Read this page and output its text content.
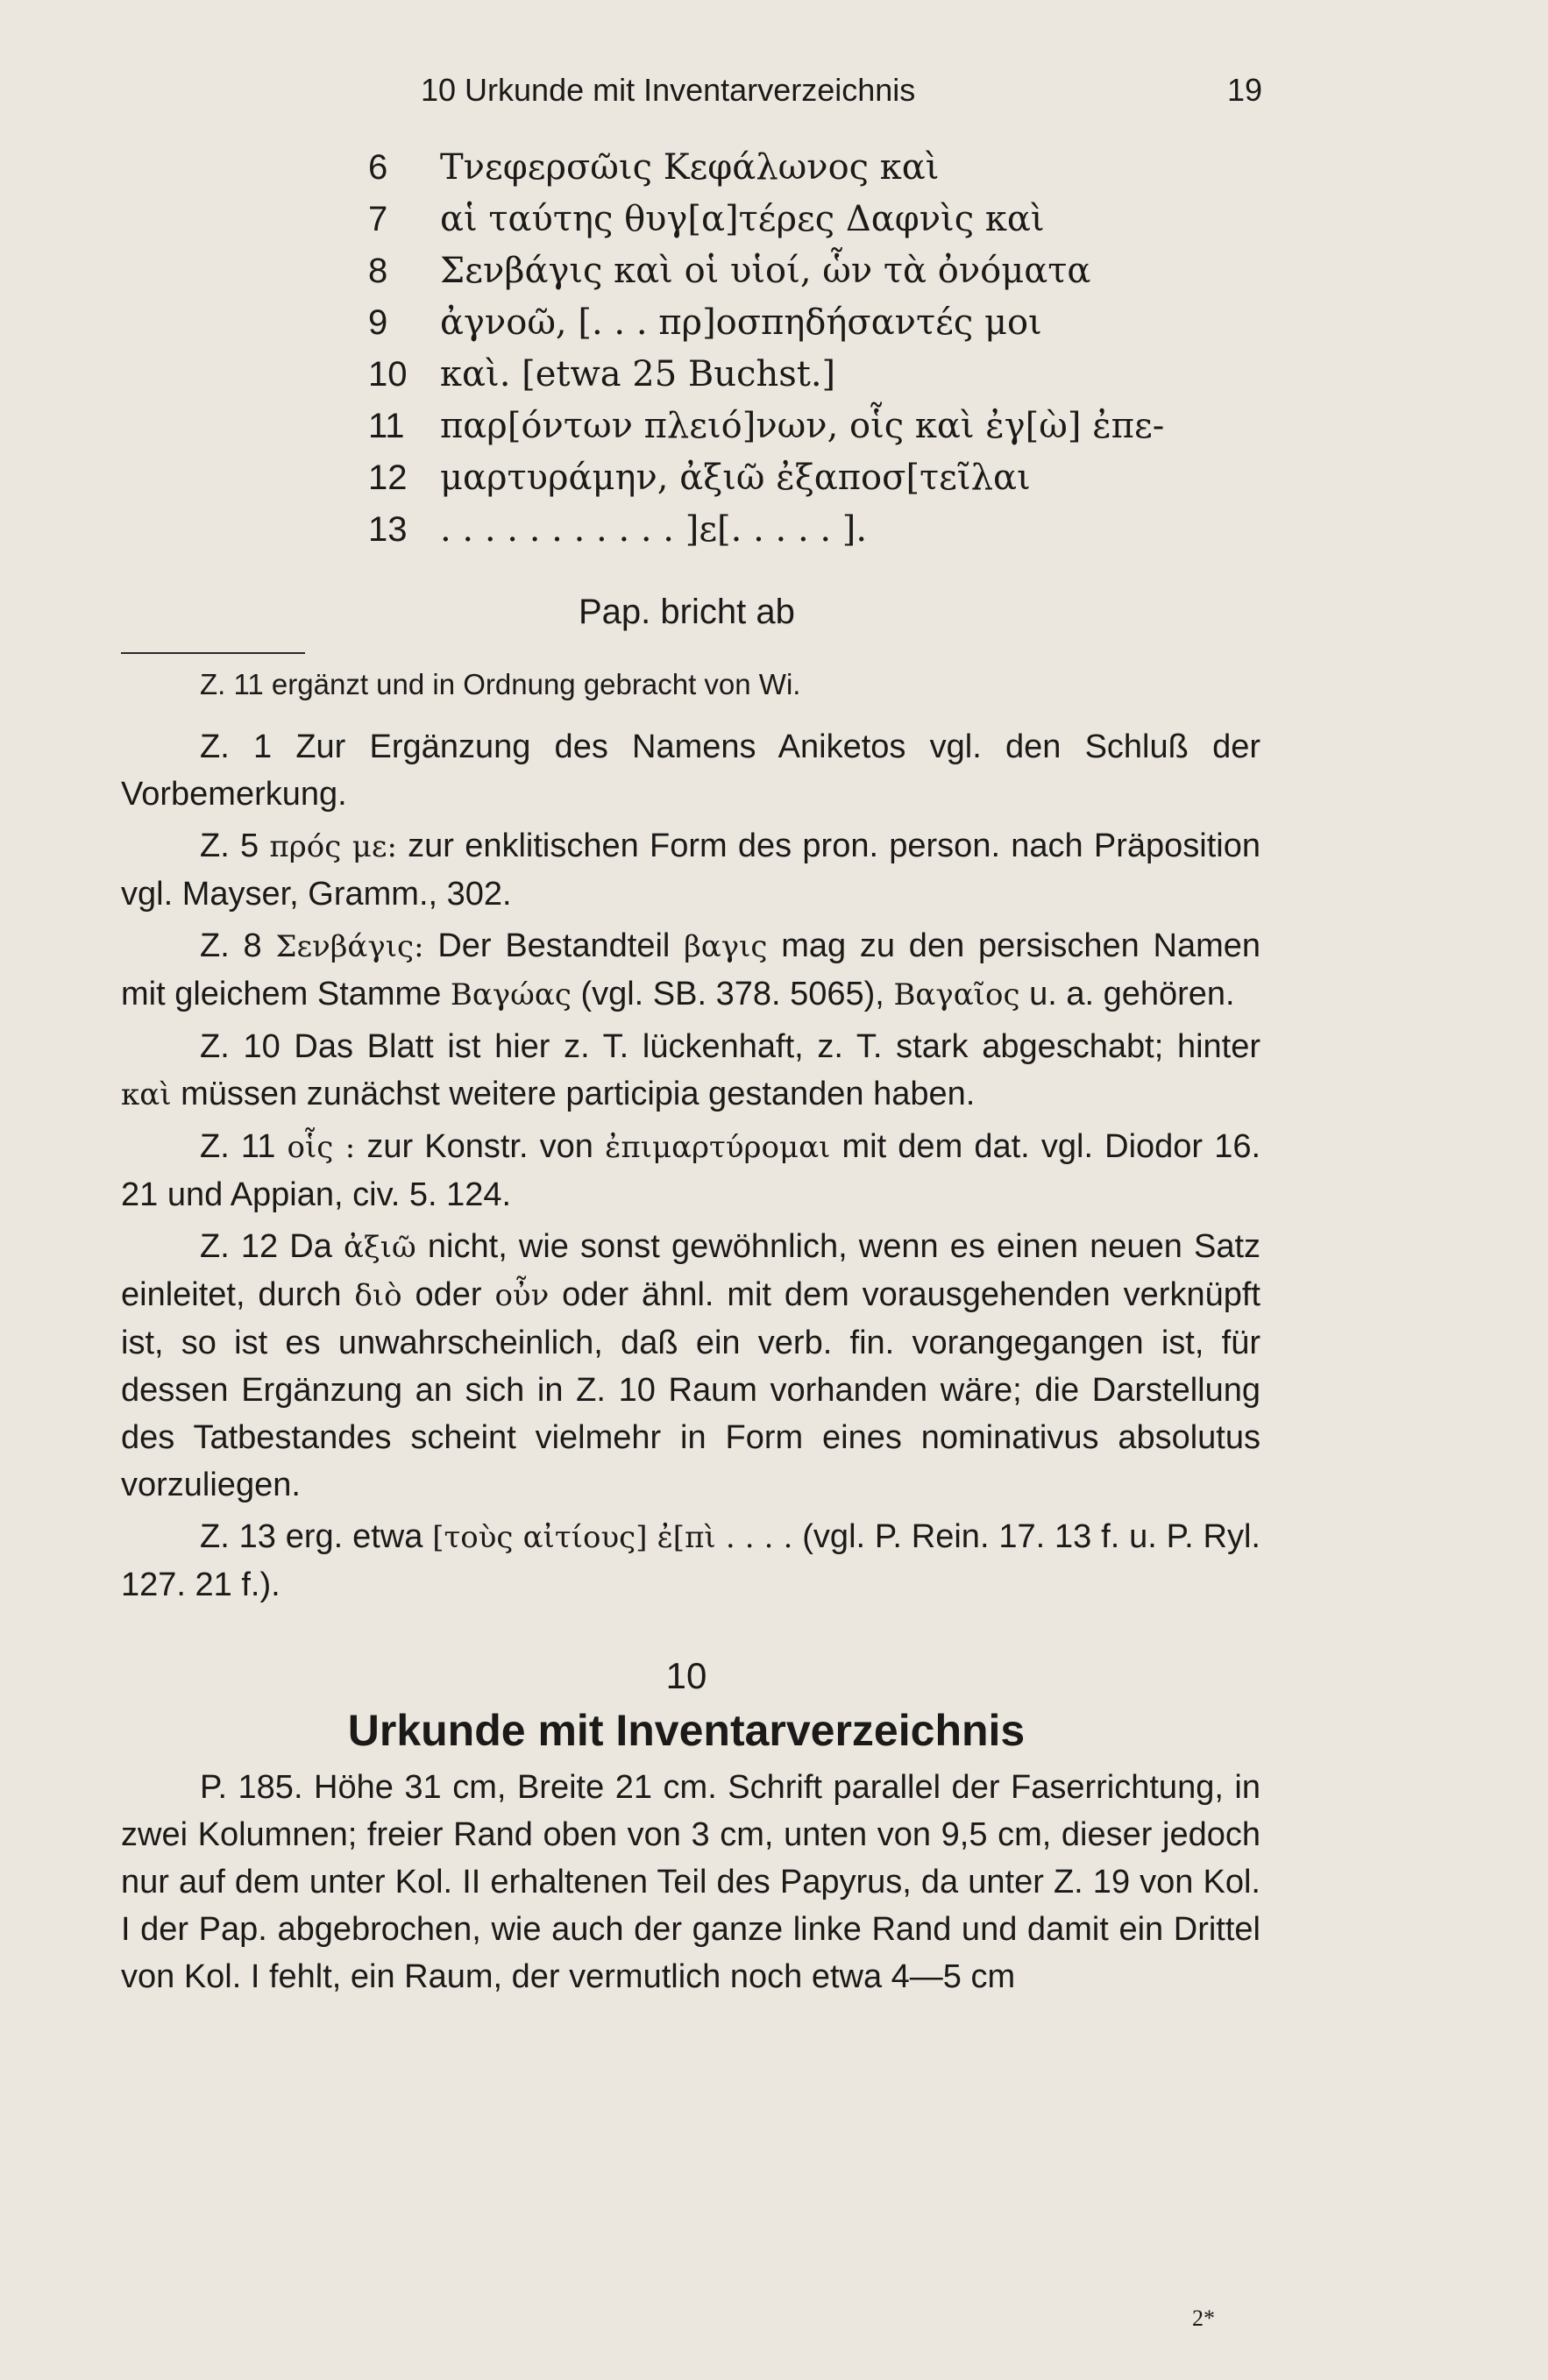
10 Urkunde mit Inventarverzeichnis	19
6 Τνεφερσῶις Κεφάλωνος καὶ
7 αἱ ταύτης θυγ[α]τέρες Δαφνὶς καὶ
8 Σενβάγις καὶ οἱ υἱοί, ὧν τὰ ὀνόματα
9 ἀγνοῶ, [. . . πρ]οσπηδήσαντές μοι
10 καὶ. [etwa 25 Buchst.]
11 παρ[όντων πλειό]νων, οἷς καὶ ἐγ[ὼ] ἐπε-
12 μαρτυράμην, ἀξιῶ ἐξαποσ[τεῖλαι
13 . . . . . . . . . . . ]ε[. . . . . ].
Pap. bricht ab
Z. 11 ergänzt und in Ordnung gebracht von Wi.

Z. 1 Zur Ergänzung des Namens Aniketos vgl. den Schluß der Vorbemerkung.

Z. 5 πρός με: zur enklitischen Form des pron. person. nach Präposition vgl. Mayser, Gramm., 302.

Z. 8 Σενβάγις: Der Bestandteil βαγις mag zu den persischen Namen mit gleichem Stamme Βαγώας (vgl. SB. 378. 5065), Βαγαῖος u. a. gehören.

Z. 10 Das Blatt ist hier z. T. lückenhaft, z. T. stark abgeschabt; hinter καὶ müssen zunächst weitere participia gestanden haben.

Z. 11 οἷς : zur Konstr. von ἐπιμαρτύρομαι mit dem dat. vgl. Diodor 16. 21 und Appian, civ. 5. 124.

Z. 12 Da ἀξιῶ nicht, wie sonst gewöhnlich, wenn es einen neuen Satz einleitet, durch διὸ oder οὖν oder ähnl. mit dem vorausgehenden verknüpft ist, so ist es unwahrscheinlich, daß ein verb. fin. vorangegangen ist, für dessen Ergänzung an sich in Z. 10 Raum vorhanden wäre; die Darstellung des Tatbestandes scheint vielmehr in Form eines nominativus absolutus vorzuliegen.

Z. 13 erg. etwa [τοὺς αἰτίους] ἐ[πὶ . . . . (vgl. P. Rein. 17. 13 f. u. P. Ryl. 127. 21 f.).

10
Urkunde mit Inventarverzeichnis
P. 185. Höhe 31 cm, Breite 21 cm. Schrift parallel der Faserrichtung, in zwei Kolumnen; freier Rand oben von 3 cm, unten von 9,5 cm, dieser jedoch nur auf dem unter Kol. II erhaltenen Teil des Papyrus, da unter Z. 19 von Kol. I der Pap. abgebrochen, wie auch der ganze linke Rand und damit ein Drittel von Kol. I fehlt, ein Raum, der vermutlich noch etwa 4—5 cm
2*
